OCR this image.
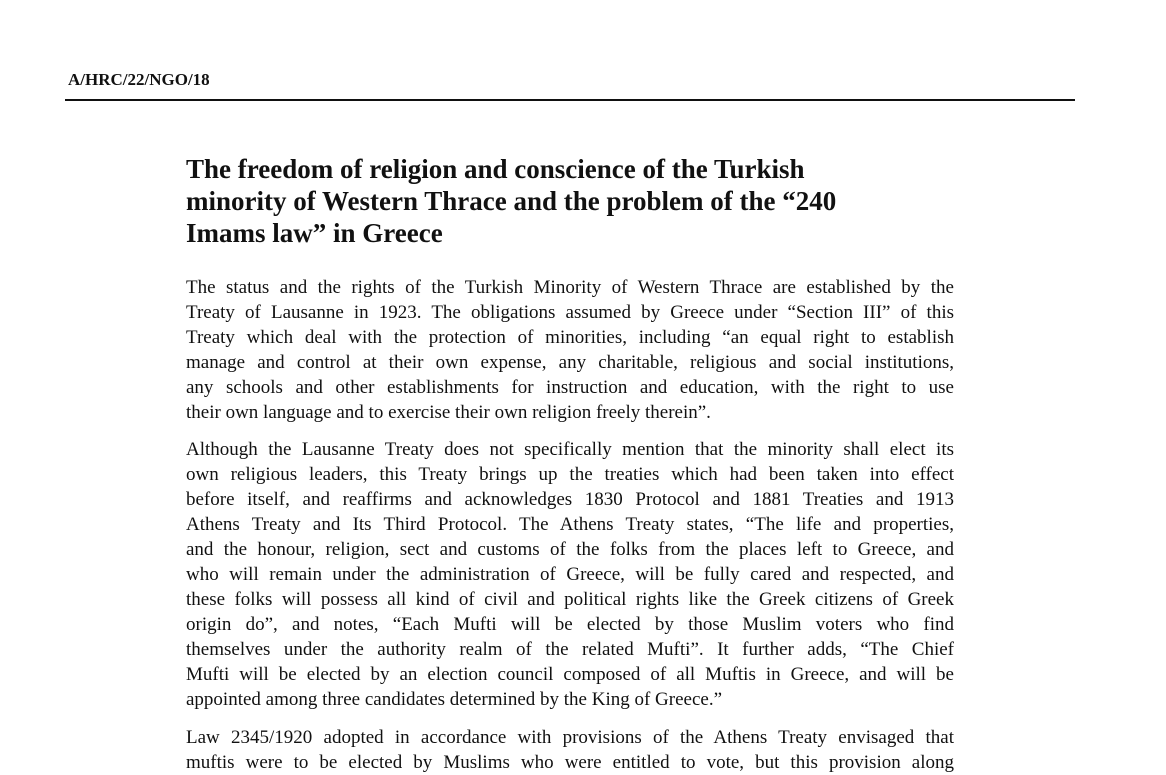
A/HRC/22/NGO/18
The freedom of religion and conscience of the Turkish
minority of Western Thrace and the problem of the “240
Imams law” in Greece

The status and the rights of the Turkish Minority of Western Thrace are established by the
Treaty of Lausanne in 1923. The obligations assumed by Greece under “Section III” of this
Treaty which deal with the protection of minorities, including “an equal right to establish
manage and control at their own expense, any charitable, religious and social institutions,
any schools and other establishments for instruction and education, with the right to use
their own language and to exercise their own religion freely therein”.

Although the Lausanne Treaty does not specifically mention that the minority shall elect its
own religious leaders, this Treaty brings up the treaties which had been taken into effect
before itself, and reaffirms and acknowledges 1830 Protocol and 1881 Treaties and 1913
Athens Treaty and Its Third Protocol. The Athens Treaty states, “The life and properties,
and the honour, religion, sect and customs of the folks from the places left to Greece, and
who will remain under the administration of Greece, will be fully cared and respected, and
these folks will possess all kind of civil and political rights like the Greek citizens of Greek
origin do”, and notes, “Each Mufti will be elected by those Muslim voters who find
themselves under the authority realm of the related Mufti”. It further adds, “The Chief
Mufti will be elected by an election council composed of all Muftis in Greece, and will be
appointed among three candidates determined by the King of Greece.”

Law 2345/1920 adopted in accordance with provisions of the Athens Treaty envisaged that
muftis were to be elected by Muslims who were entitled to vote, but this provision along
